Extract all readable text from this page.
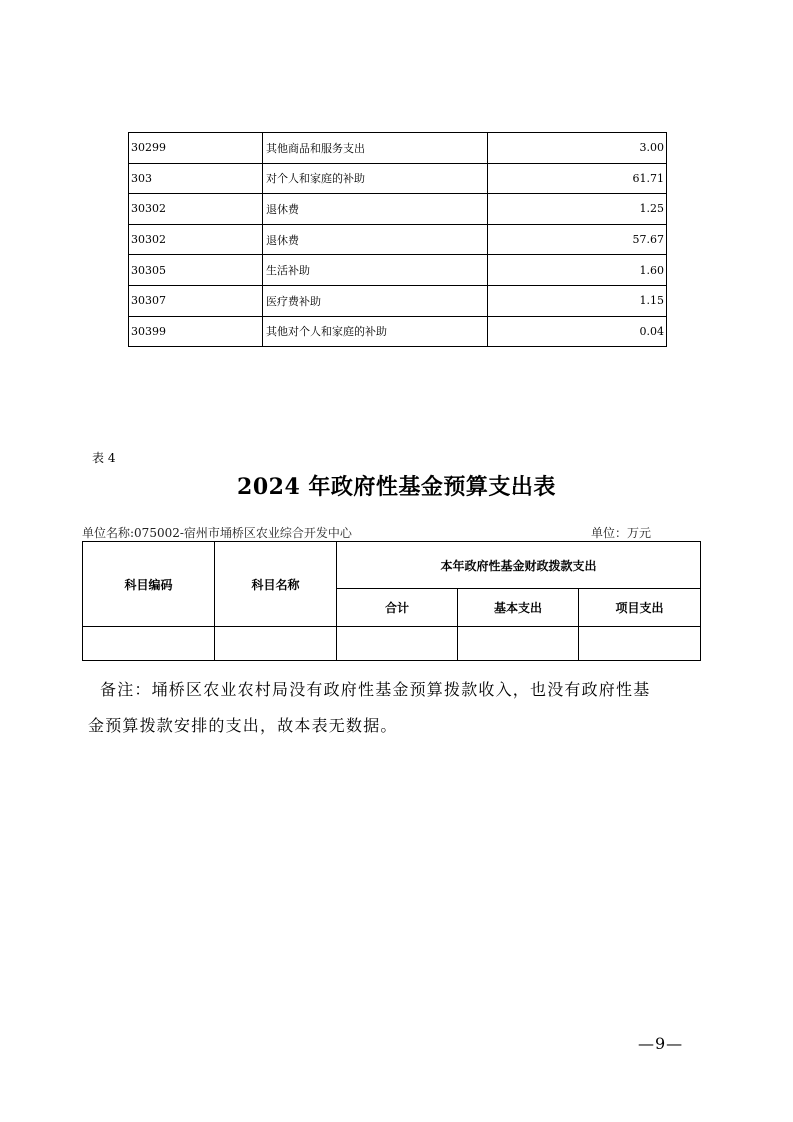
30299	其他商品和服务支出	3.00
303	对个人和家庭的补助	61.71
30302	退休费	1.25
30302	退休费	57.67
30305	生活补助	1.60
30307	医疗费补助	1.15
30399	其他对个人和家庭的补助	0.04
表 4
2024 年政府性基金预算支出表
单位名称:075002-宿州市埇桥区农业综合开发中心	单位：万元
科目编码	科目名称	本年政府性基金财政拨款支出		
		合计	基本支出	项目支出

备注：埇桥区农业农村局没有政府性基金预算拨款收入，也没有政府性基
金预算拨款安排的支出，故本表无数据。
—9—
